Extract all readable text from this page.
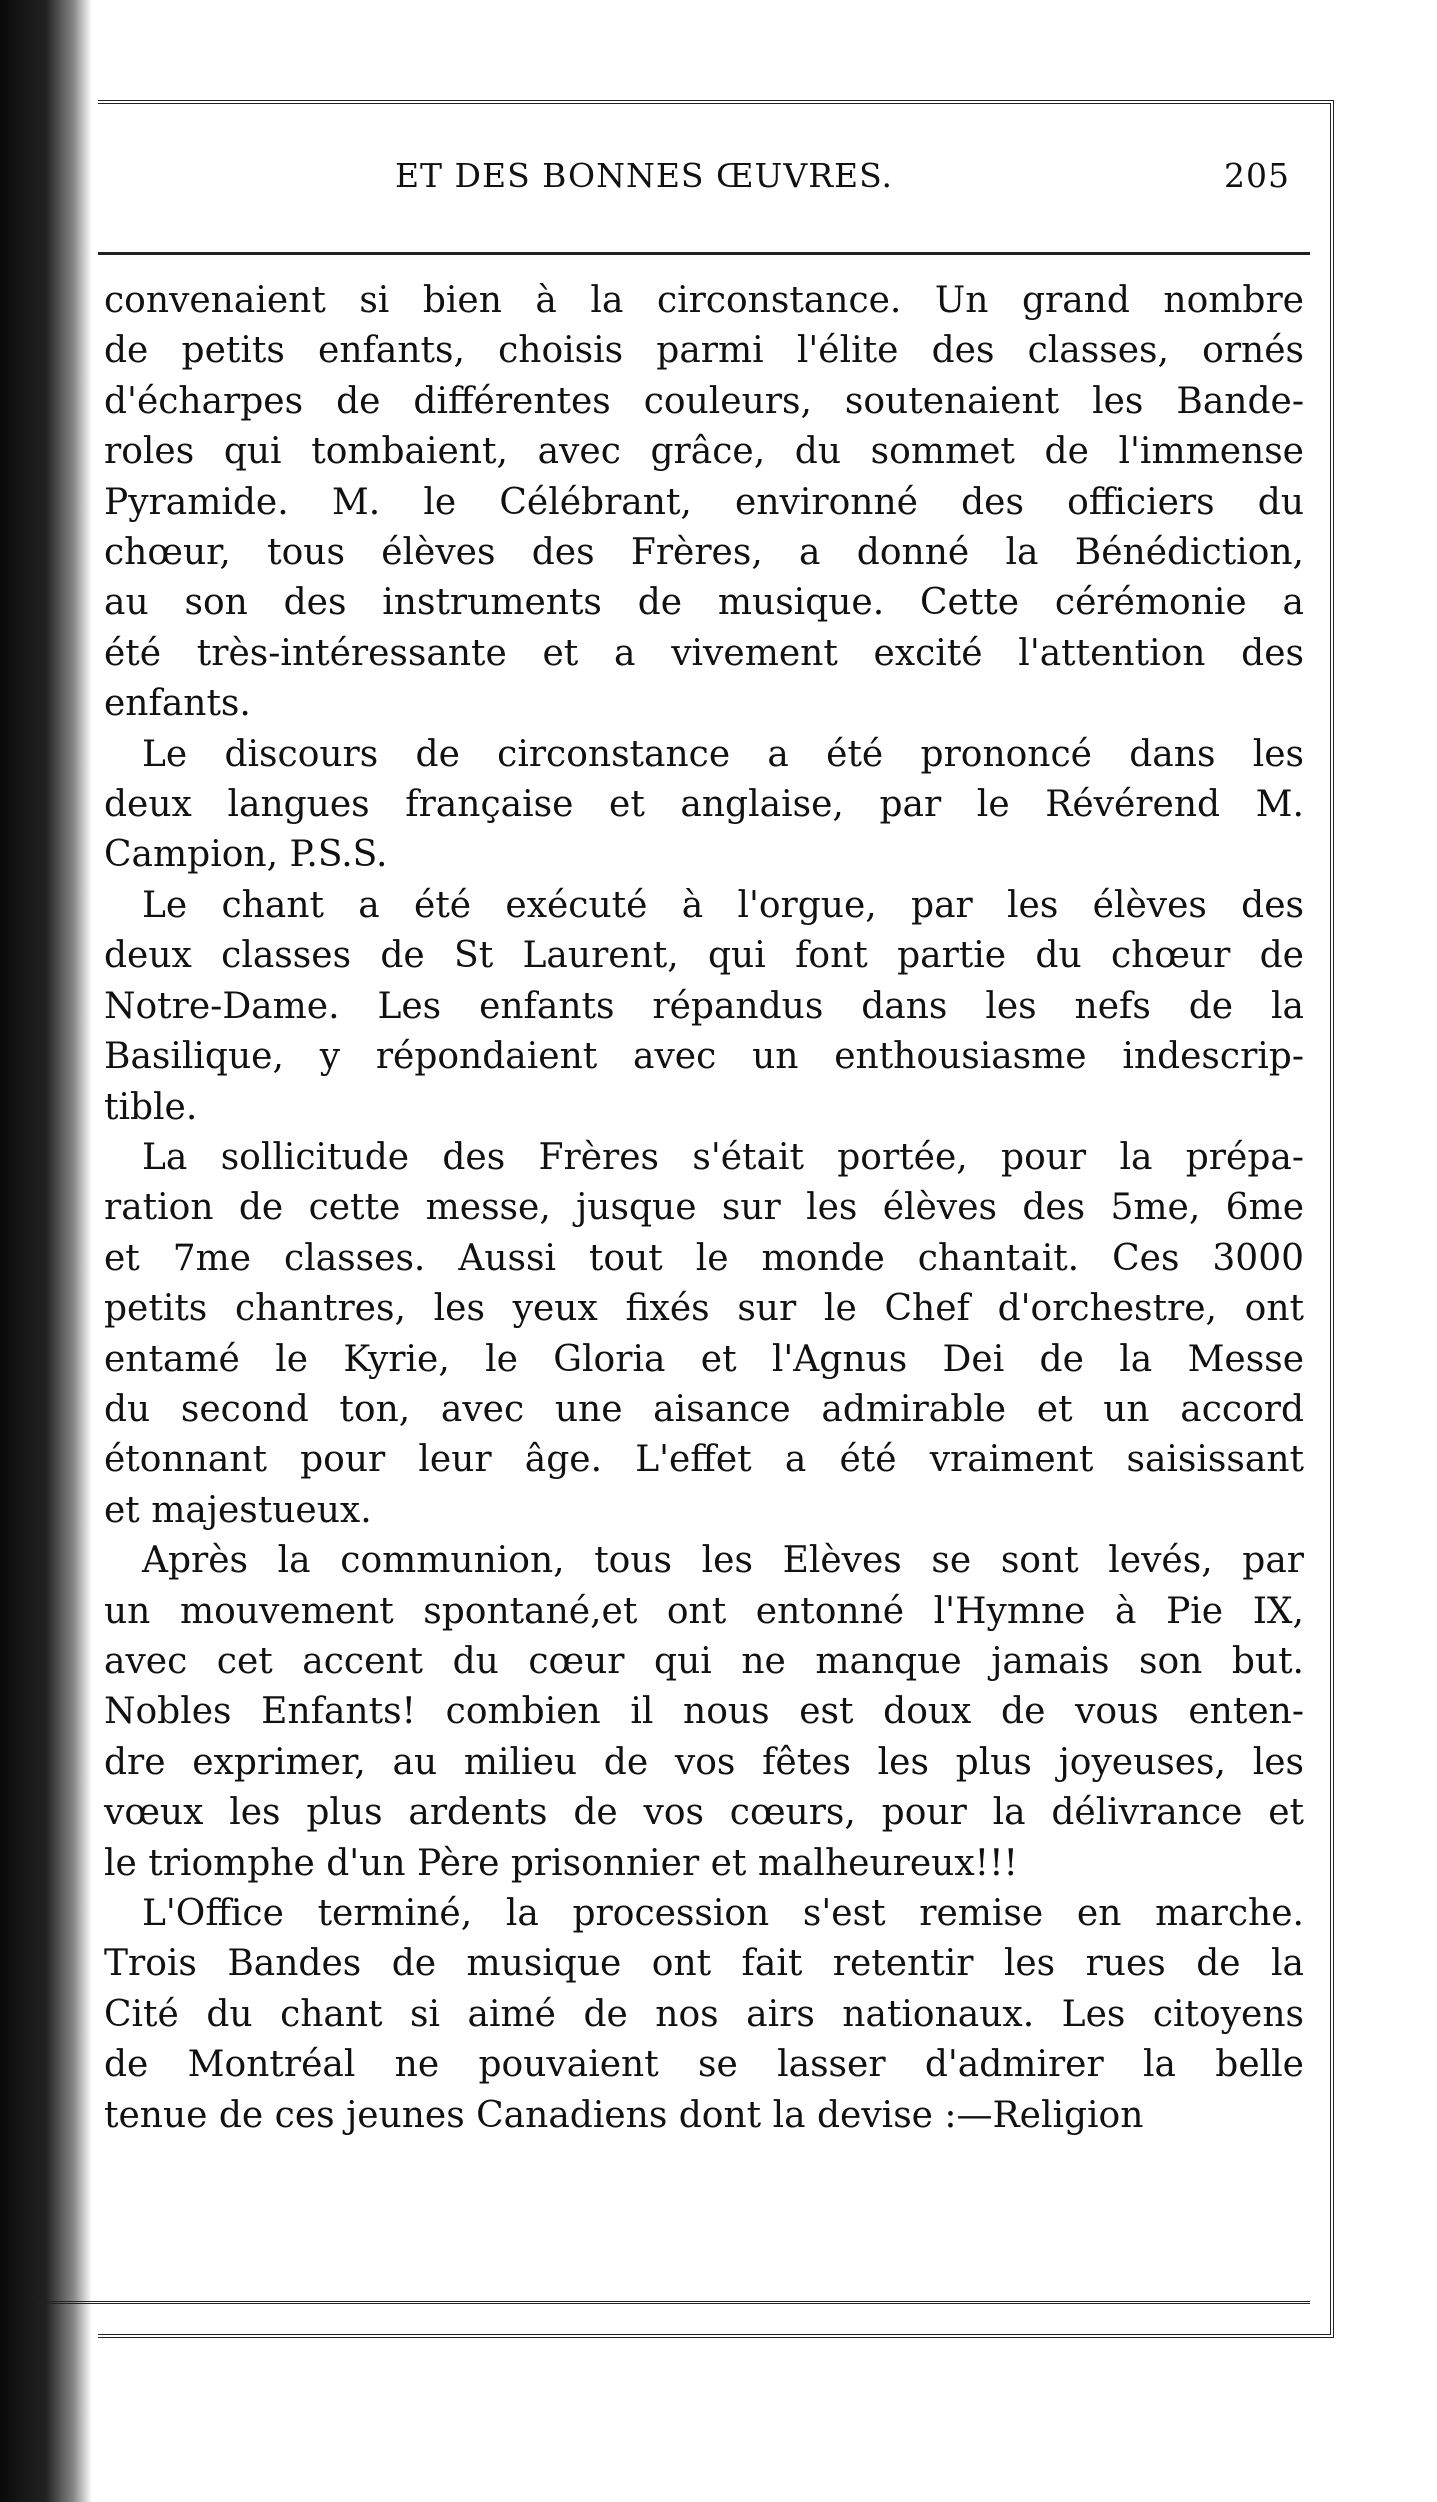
ET DES BONNES ŒUVRES.	205

convenaient si bien à la circonstance. Un grand nombre
de petits enfants, choisis parmi l'élite des classes, ornés
d'écharpes de différentes couleurs, soutenaient les Bande-
roles qui tombaient, avec grâce, du sommet de l'immense
Pyramide. M. le Célébrant, environné des officiers du
chœur, tous élèves des Frères, a donné la Bénédiction,
au son des instruments de musique. Cette cérémonie a
été très-intéressante et a vivement excité l'attention des
enfants.

Le discours de circonstance a été prononcé dans les
deux langues française et anglaise, par le Révérend M.
Campion, P.S.S.

Le chant a été exécuté à l'orgue, par les élèves des
deux classes de St Laurent, qui font partie du chœur de
Notre-Dame. Les enfants répandus dans les nefs de la
Basilique, y répondaient avec un enthousiasme indescrip-
tible.

La sollicitude des Frères s'était portée, pour la prépa-
ration de cette messe, jusque sur les élèves des 5me, 6me
et 7me classes. Aussi tout le monde chantait. Ces 3000
petits chantres, les yeux fixés sur le Chef d'orchestre, ont
entamé le Kyrie, le Gloria et l'Agnus Dei de la Messe
du second ton, avec une aisance admirable et un accord
étonnant pour leur âge. L'effet a été vraiment saisissant
et majestueux.

Après la communion, tous les Elèves se sont levés, par
un mouvement spontané,et ont entonné l'Hymne à Pie IX,
avec cet accent du cœur qui ne manque jamais son but.
Nobles Enfants! combien il nous est doux de vous enten-
dre exprimer, au milieu de vos fêtes les plus joyeuses, les
vœux les plus ardents de vos cœurs, pour la délivrance et
le triomphe d'un Père prisonnier et malheureux!!!

L'Office terminé, la procession s'est remise en marche.
Trois Bandes de musique ont fait retentir les rues de la
Cité du chant si aimé de nos airs nationaux. Les citoyens
de Montréal ne pouvaient se lasser d'admirer la belle
tenue de ces jeunes Canadiens dont la devise :—Religion
